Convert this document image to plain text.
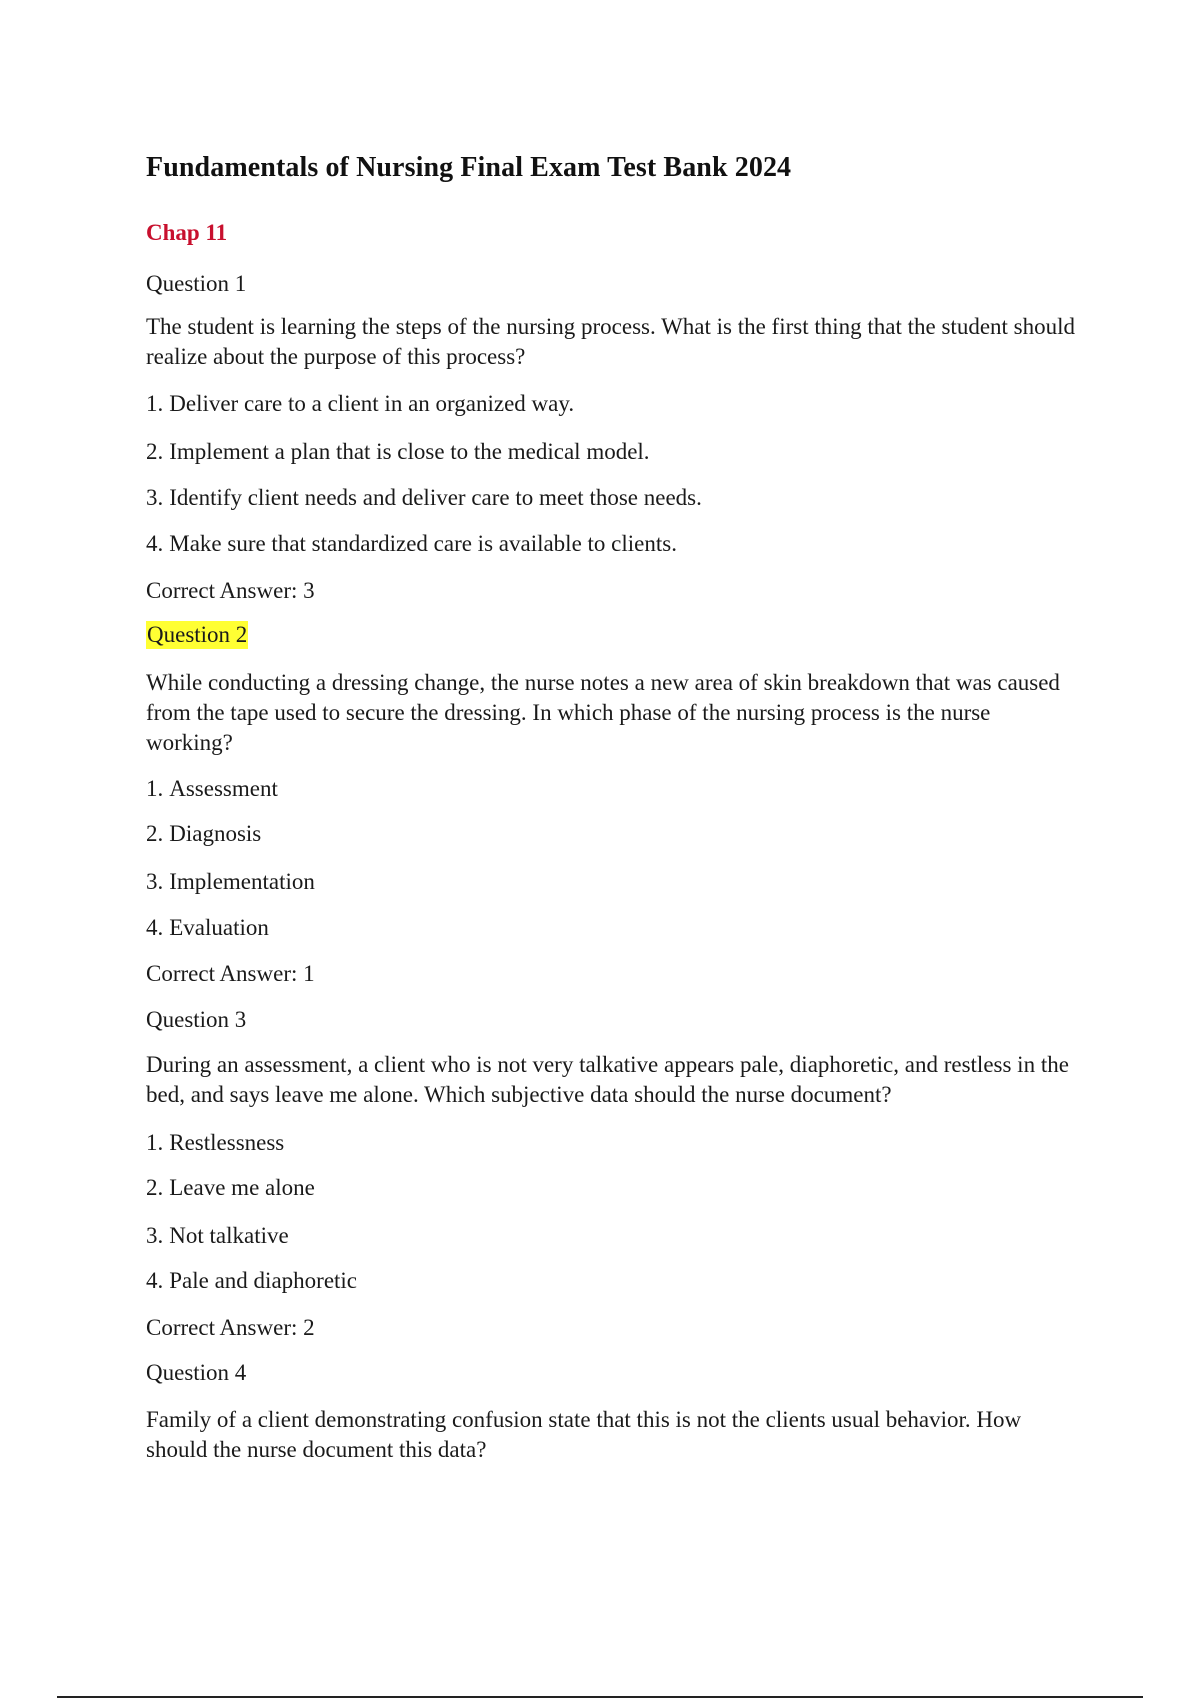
Fundamentals of Nursing Final Exam Test Bank 2024
Chap 11
Question 1
The student is learning the steps of the nursing process. What is the first thing that the student should realize about the purpose of this process?
1. Deliver care to a client in an organized way.
2. Implement a plan that is close to the medical model.
3. Identify client needs and deliver care to meet those needs.
4. Make sure that standardized care is available to clients.
Correct Answer: 3
Question 2
While conducting a dressing change, the nurse notes a new area of skin breakdown that was caused from the tape used to secure the dressing. In which phase of the nursing process is the nurse working?
1. Assessment
2. Diagnosis
3. Implementation
4. Evaluation
Correct Answer: 1
Question 3
During an assessment, a client who is not very talkative appears pale, diaphoretic, and restless in the bed, and says leave me alone. Which subjective data should the nurse document?
1. Restlessness
2. Leave me alone
3. Not talkative
4. Pale and diaphoretic
Correct Answer: 2
Question 4
Family of a client demonstrating confusion state that this is not the clients usual behavior. How should the nurse document this data?
